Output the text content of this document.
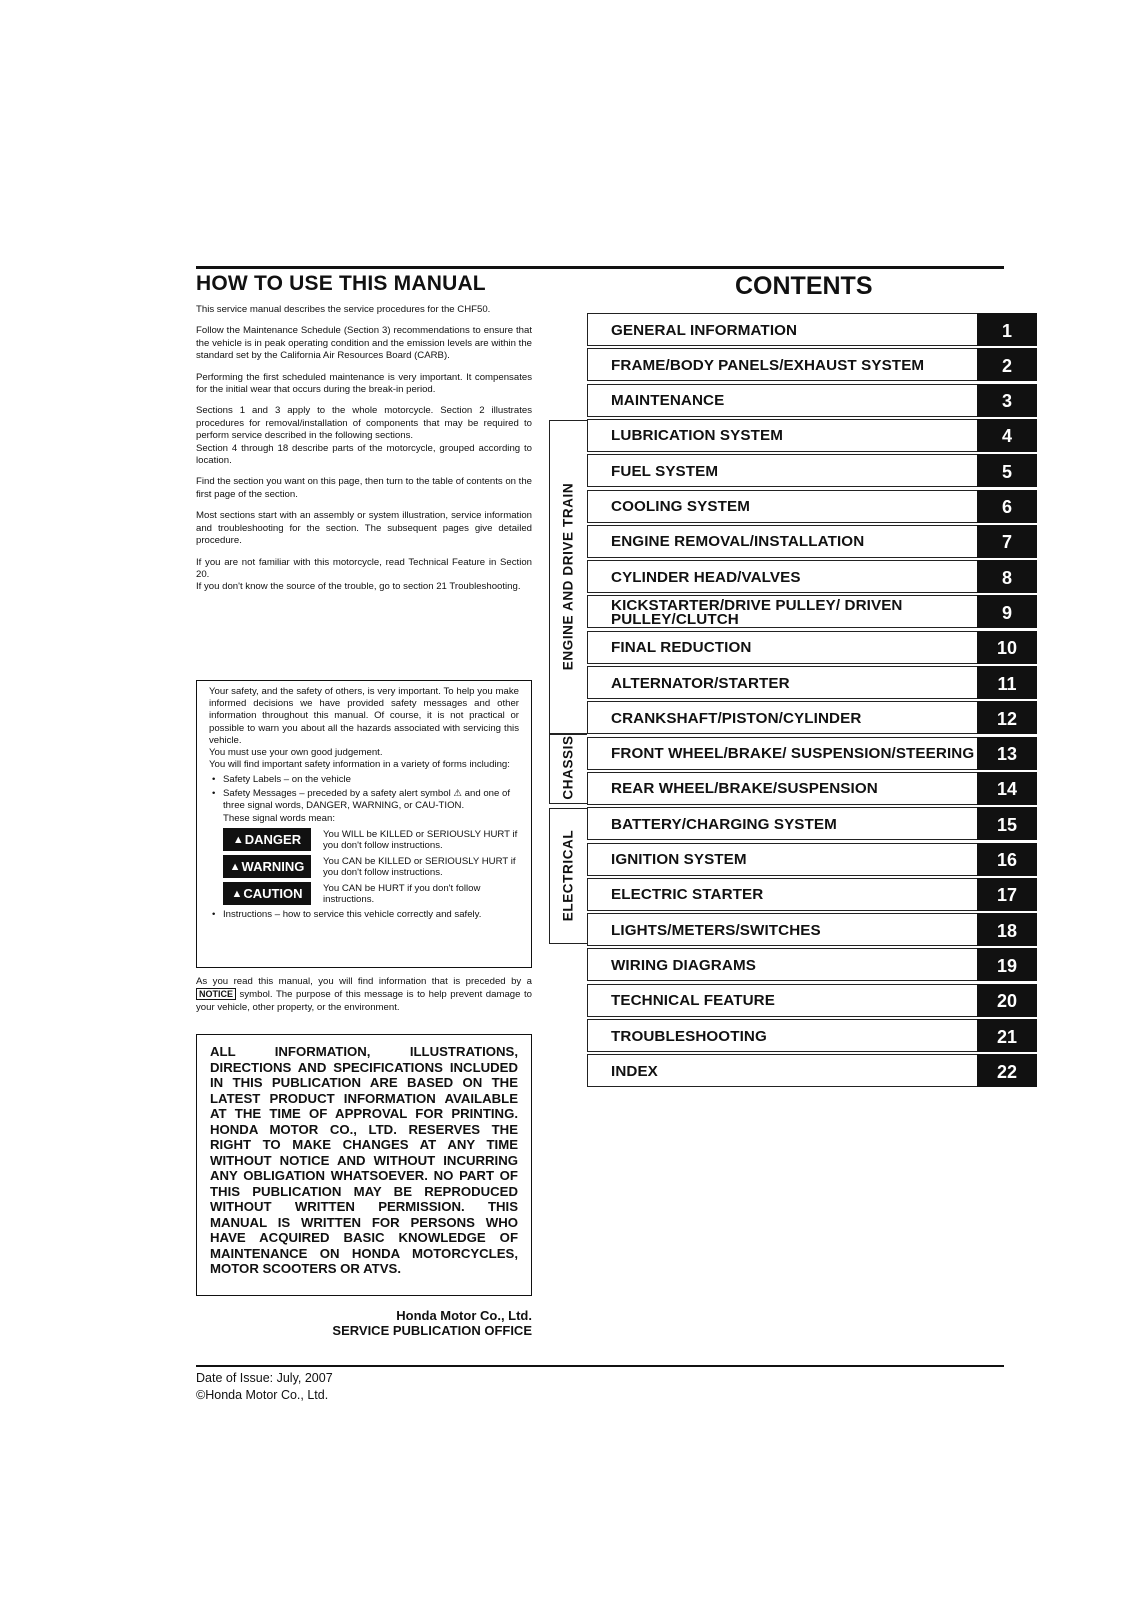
HOW TO USE THIS MANUAL	CONTENTS

This service manual describes the service procedures for the CHF50.

Follow the Maintenance Schedule (Section 3) recommendations to ensure that the vehicle is in peak operating condition and the emission levels are within the standard set by the California Air Resources Board (CARB).

Performing the first scheduled maintenance is very important. It compensates for the initial wear that occurs during the break-in period.

Sections 1 and 3 apply to the whole motorcycle. Section 2 illustrates procedures for removal/installation of components that may be required to perform service described in the following sections.

Section 4 through 18 describe parts of the motorcycle, grouped according to location.

Find the section you want on this page, then turn to the table of contents on the first page of the section.

Most sections start with an assembly or system illustration, service information and troubleshooting for the section. The subsequent pages give detailed procedure.

If you are not familiar with this motorcycle, read Technical Feature in Section 20.

If you don't know the source of the trouble, go to section 21 Troubleshooting.

Your safety, and the safety of others, is very important. To help you make informed decisions we have provided safety messages and other information throughout this manual. Of course, it is not practical or possible to warn you about all the hazards associated with servicing this vehicle.

You must use your own good judgement.

You will find important safety information in a variety of forms including:

• Safety Labels – on the vehicle
• Safety Messages – preceded by a safety alert symbol ⚠ and one of three signal words, DANGER, WARNING, or CAU-TION.
These signal words mean:
▲ DANGER You WILL be KILLED or SERIOUSLY HURT if you don't follow instructions.
▲ WARNING You CAN be KILLED or SERIOUSLY HURT if you don't follow instructions.
▲ CAUTION You CAN be HURT if you don't follow instructions.
• Instructions – how to service this vehicle correctly and safely.
As you read this manual, you will find information that is preceded by a NOTICE symbol. The purpose of this message is to help prevent damage to your vehicle, other property, or the environment.
ALL INFORMATION, ILLUSTRATIONS, DIRECTIONS AND SPECIFICATIONS INCLUDED IN THIS PUBLICATION ARE BASED ON THE LATEST PRODUCT INFORMATION AVAILABLE AT THE TIME OF APPROVAL FOR PRINTING. HONDA MOTOR CO., LTD. RESERVES THE RIGHT TO MAKE CHANGES AT ANY TIME WITHOUT NOTICE AND WITHOUT INCURRING ANY OBLIGATION WHATSOEVER. NO PART OF THIS PUBLICATION MAY BE REPRODUCED WITHOUT WRITTEN PERMISSION. THIS MANUAL IS WRITTEN FOR PERSONS WHO HAVE ACQUIRED BASIC KNOWLEDGE OF MAINTENANCE ON HONDA MOTORCYCLES, MOTOR SCOOTERS OR ATVS.
Honda Motor Co., Ltd.
SERVICE PUBLICATION OFFICE
Date of Issue: July, 2007
©Honda Motor Co., Ltd.
ENGINE AND DRIVE TRAIN
CHASSIS
ELECTRICAL
GENERAL INFORMATION	1
FRAME/BODY PANELS/EXHAUST SYSTEM	2
MAINTENANCE	3
LUBRICATION SYSTEM	4
FUEL SYSTEM	5
COOLING SYSTEM	6
ENGINE REMOVAL/INSTALLATION	7
CYLINDER HEAD/VALVES	8
KICKSTARTER/DRIVE PULLEY/ DRIVEN PULLEY/CLUTCH	9
FINAL REDUCTION	10
ALTERNATOR/STARTER	11
CRANKSHAFT/PISTON/CYLINDER	12
FRONT WHEEL/BRAKE/ SUSPENSION/STEERING	13
REAR WHEEL/BRAKE/SUSPENSION	14
BATTERY/CHARGING SYSTEM	15
IGNITION SYSTEM	16
ELECTRIC STARTER	17
LIGHTS/METERS/SWITCHES	18
WIRING DIAGRAMS	19
TECHNICAL FEATURE	20
TROUBLESHOOTING	21
INDEX	22
